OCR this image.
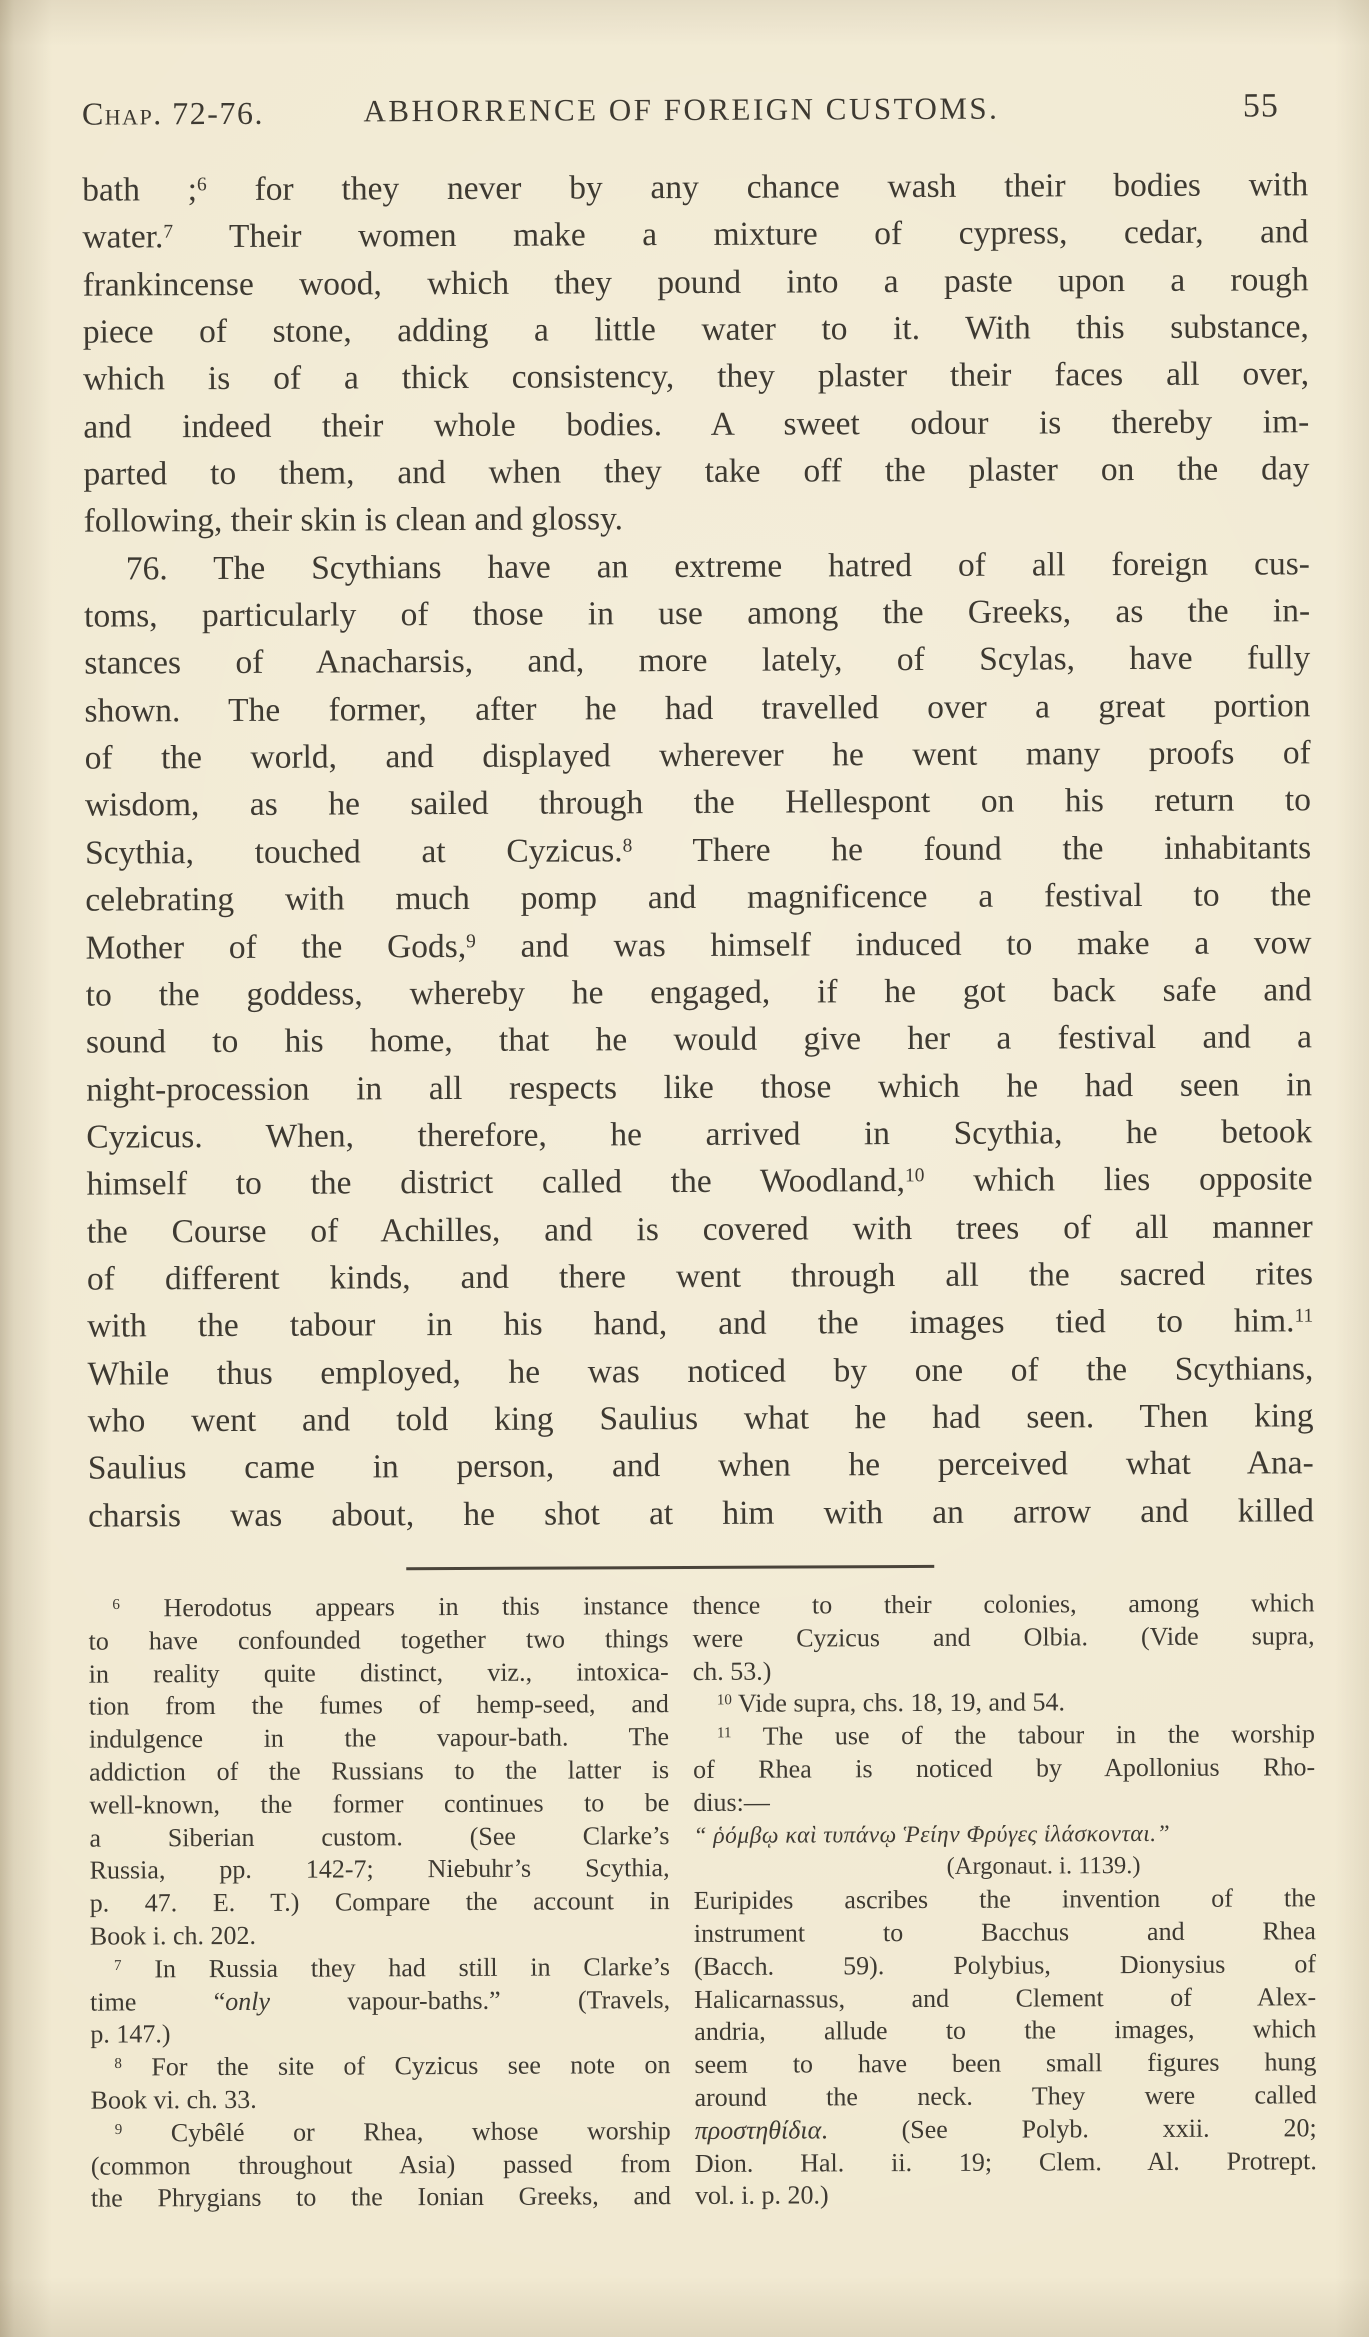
Chap. 72-76.	ABHORRENCE OF FOREIGN CUSTOMS.	55
bath ;$^6$ for they never by any chance wash their bodies with
water.$^7$ Their women make a mixture of cypress, cedar, and
frankincense wood, which they pound into a paste upon a rough
piece of stone, adding a little water to it. With this substance,
which is of a thick consistency, they plaster their faces all over,
and indeed their whole bodies. A sweet odour is thereby im-
parted to them, and when they take off the plaster on the day
following, their skin is clean and glossy.
76. The Scythians have an extreme hatred of all foreign cus-
toms, particularly of those in use among the Greeks, as the in-
stances of Anacharsis, and, more lately, of Scylas, have fully
shown. The former, after he had travelled over a great portion
of the world, and displayed wherever he went many proofs of
wisdom, as he sailed through the Hellespont on his return to
Scythia, touched at Cyzicus.$^8$ There he found the inhabitants
celebrating with much pomp and magnificence a festival to the
Mother of the Gods,$^9$ and was himself induced to make a vow
to the goddess, whereby he engaged, if he got back safe and
sound to his home, that he would give her a festival and a
night-procession in all respects like those which he had seen in
Cyzicus. When, therefore, he arrived in Scythia, he betook
himself to the district called the Woodland,$^{10}$ which lies opposite
the Course of Achilles, and is covered with trees of all manner
of different kinds, and there went through all the sacred rites
with the tabour in his hand, and the images tied to him.$^{11}$
While thus employed, he was noticed by one of the Scythians,
who went and told king Saulius what he had seen. Then king
Saulius came in person, and when he perceived what Ana-
charsis was about, he shot at him with an arrow and killed
$^6$ Herodotus appears in this instance
to have confounded together two things
in reality quite distinct, viz., intoxica-
tion from the fumes of hemp-seed, and
indulgence in the vapour-bath. The
addiction of the Russians to the latter is
well-known, the former continues to be
a Siberian custom. (See Clarke’s
Russia, pp. 142-7; Niebuhr’s Scythia,
p. 47. E. T.) Compare the account in
Book i. ch. 202.
$^7$ In Russia they had still in Clarke’s
time “only vapour-baths.” (Travels,
p. 147.)
$^8$ For the site of Cyzicus see note on
Book vi. ch. 33.
$^9$ Cybêlé or Rhea, whose worship
(common throughout Asia) passed from
the Phrygians to the Ionian Greeks, and
thence to their colonies, among which
were Cyzicus and Olbia. (Vide supra,
ch. 53.)
$^{10}$ Vide supra, chs. 18, 19, and 54.
$^{11}$ The use of the tabour in the worship
of Rhea is noticed by Apollonius Rho-
dius:—
“ ῥόμβῳ καὶ τυπάνῳ Ῥείην Φρύγες ἱλάσκονται.”
(Argonaut. i. 1139.)
Euripides ascribes the invention of the
instrument to Bacchus and Rhea
(Bacch. 59). Polybius, Dionysius of
Halicarnassus, and Clement of Alex-
andria, allude to the images, which
seem to have been small figures hung
around the neck. They were called
προστηθίδια. (See Polyb. xxii. 20;
Dion. Hal. ii. 19; Clem. Al. Protrept.
vol. i. p. 20.)
